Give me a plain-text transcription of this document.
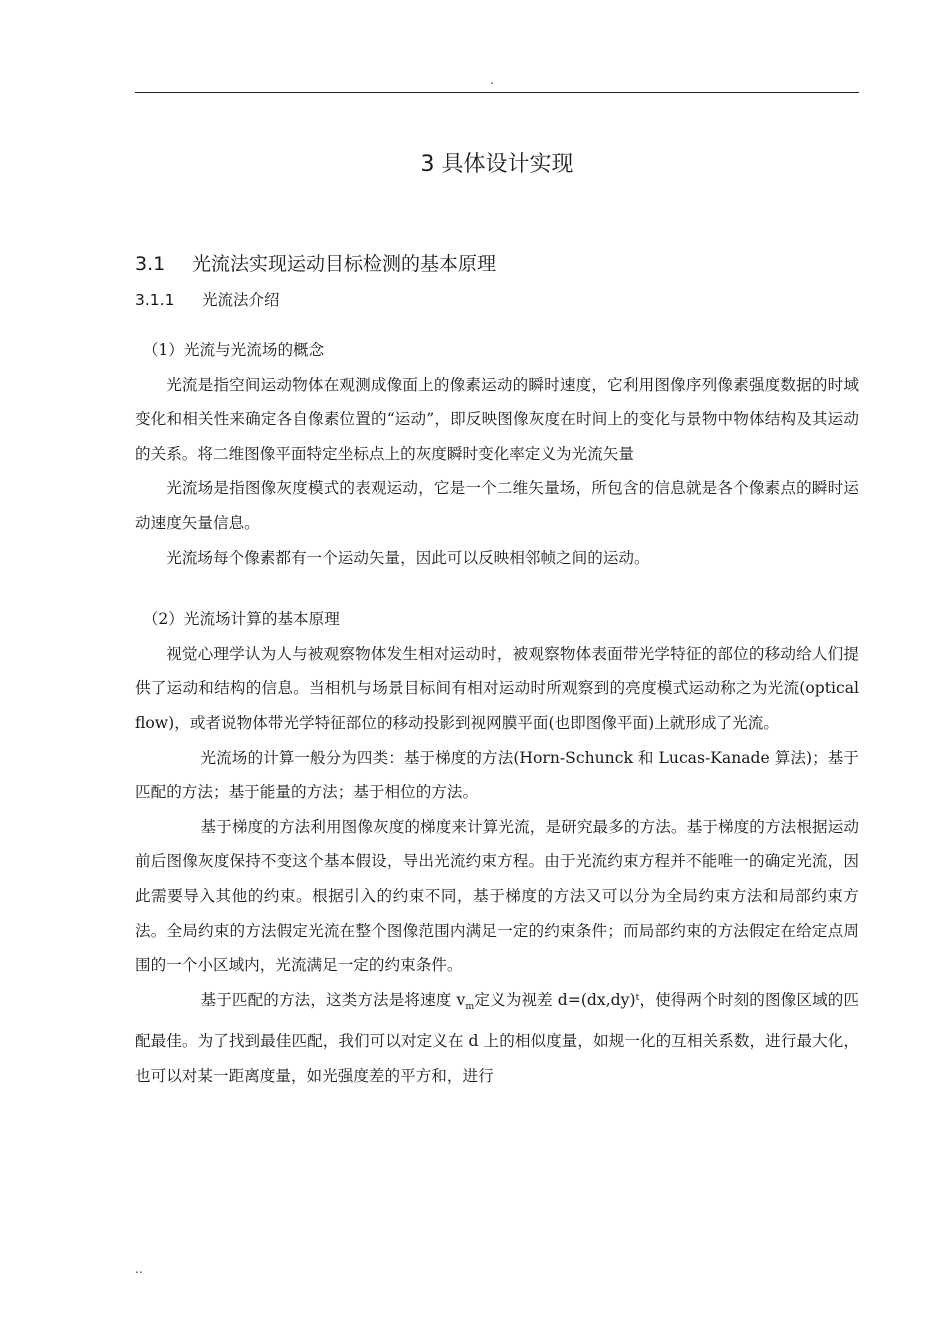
.
3 具体设计实现
3.1 光流法实现运动目标检测的基本原理
3.1.1 光流法介绍

（1）光流与光流场的概念

光流是指空间运动物体在观测成像面上的像素运动的瞬时速度，它利用图像序列像素强度数据的时域变化和相关性来确定各自像素位置的“运动”，即反映图像灰度在时间上的变化与景物中物体结构及其运动的关系。将二维图像平面特定坐标点上的灰度瞬时变化率定义为光流矢量

光流场是指图像灰度模式的表观运动，它是一个二维矢量场，所包含的信息就是各个像素点的瞬时运动速度矢量信息。

光流场每个像素都有一个运动矢量，因此可以反映相邻帧之间的运动。

（2）光流场计算的基本原理

视觉心理学认为人与被观察物体发生相对运动时，被观察物体表面带光学特征的部位的移动给人们提供了运动和结构的信息。当相机与场景目标间有相对运动时所观察到的亮度模式运动称之为光流(optical flow)，或者说物体带光学特征部位的移动投影到视网膜平面(也即图像平面)上就形成了光流。

光流场的计算一般分为四类：基于梯度的方法(Horn-Schunck 和 Lucas-Kanade 算法)；基于匹配的方法；基于能量的方法；基于相位的方法。

基于梯度的方法利用图像灰度的梯度来计算光流，是研究最多的方法。基于梯度的方法根据运动前后图像灰度保持不变这个基本假设，导出光流约束方程。由于光流约束方程并不能唯一的确定光流，因此需要导入其他的约束。根据引入的约束不同，基于梯度的方法又可以分为全局约束方法和局部约束方法。全局约束的方法假定光流在整个图像范围内满足一定的约束条件；而局部约束的方法假定在给定点周围的一个小区域内，光流满足一定的约束条件。

基于匹配的方法，这类方法是将速度 $v_m$定义为视差 d=(dx,dy)ᵗ，使得两个时刻的图像区域的匹配最佳。为了找到最佳匹配，我们可以对定义在 d 上的相似度量，如规一化的互相关系数，进行最大化，也可以对某一距离度量，如光强度差的平方和，进行

..
